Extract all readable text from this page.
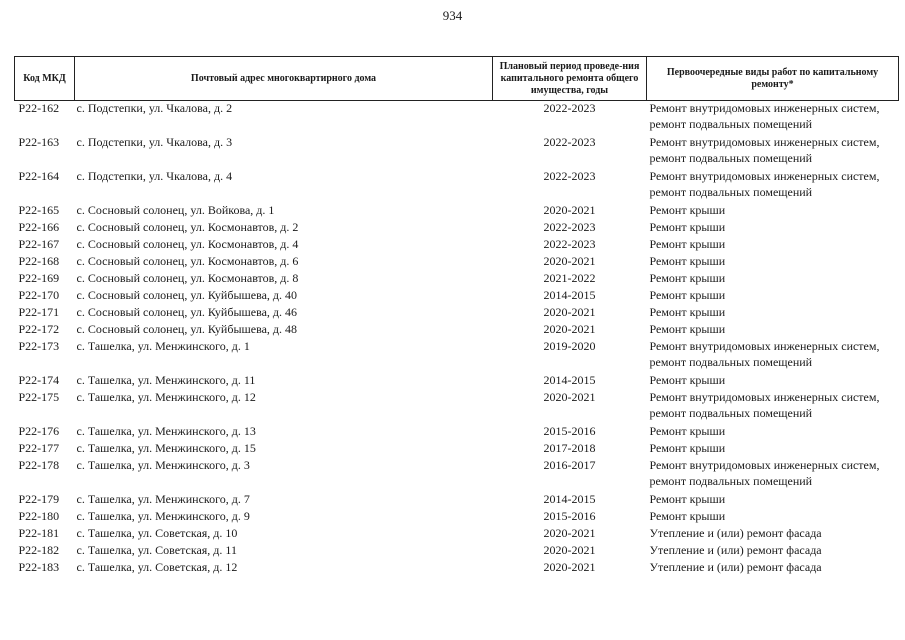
934
Код МКД	Почтовый адрес многоквартирного дома	Плановый период проведе-ния капитального ремонта общего имущества, годы	Первоочередные виды работ по капитальному ремонту*
Р22-162	с. Подстепки, ул. Чкалова, д. 2	2022-2023	Ремонт внутридомовых инженерных систем, ремонт подвальных помещений
Р22-163	с. Подстепки, ул. Чкалова, д. 3	2022-2023	Ремонт внутридомовых инженерных систем, ремонт подвальных помещений
Р22-164	с. Подстепки, ул. Чкалова, д. 4	2022-2023	Ремонт внутридомовых инженерных систем, ремонт подвальных помещений
Р22-165	с. Сосновый солонец, ул. Войкова, д. 1	2020-2021	Ремонт крыши
Р22-166	с. Сосновый солонец, ул. Космонавтов, д. 2	2022-2023	Ремонт крыши
Р22-167	с. Сосновый солонец, ул. Космонавтов, д. 4	2022-2023	Ремонт крыши
Р22-168	с. Сосновый солонец, ул. Космонавтов, д. 6	2020-2021	Ремонт крыши
Р22-169	с. Сосновый солонец, ул. Космонавтов, д. 8	2021-2022	Ремонт крыши
Р22-170	с. Сосновый солонец, ул. Куйбышева, д. 40	2014-2015	Ремонт крыши
Р22-171	с. Сосновый солонец, ул. Куйбышева, д. 46	2020-2021	Ремонт крыши
Р22-172	с. Сосновый солонец, ул. Куйбышева, д. 48	2020-2021	Ремонт крыши
Р22-173	с. Ташелка, ул. Менжинского, д. 1	2019-2020	Ремонт внутридомовых инженерных систем, ремонт подвальных помещений
Р22-174	с. Ташелка, ул. Менжинского, д. 11	2014-2015	Ремонт крыши
Р22-175	с. Ташелка, ул. Менжинского, д. 12	2020-2021	Ремонт внутридомовых инженерных систем, ремонт подвальных помещений
Р22-176	с. Ташелка, ул. Менжинского, д. 13	2015-2016	Ремонт крыши
Р22-177	с. Ташелка, ул. Менжинского, д. 15	2017-2018	Ремонт крыши
Р22-178	с. Ташелка, ул. Менжинского, д. 3	2016-2017	Ремонт внутридомовых инженерных систем, ремонт подвальных помещений
Р22-179	с. Ташелка, ул. Менжинского, д. 7	2014-2015	Ремонт крыши
Р22-180	с. Ташелка, ул. Менжинского, д. 9	2015-2016	Ремонт крыши
Р22-181	с. Ташелка, ул. Советская, д. 10	2020-2021	Утепление и (или) ремонт фасада
Р22-182	с. Ташелка, ул. Советская, д. 11	2020-2021	Утепление и (или) ремонт фасада
Р22-183	с. Ташелка, ул. Советская, д. 12	2020-2021	Утепление и (или) ремонт фасада
